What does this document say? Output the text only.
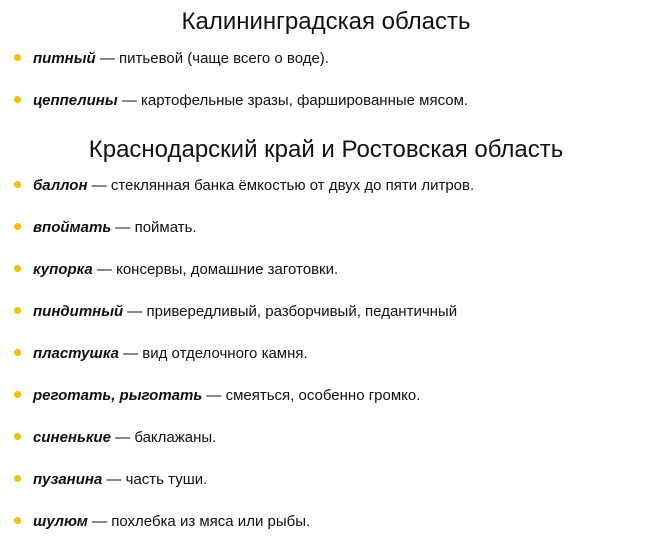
Калининградская область
питный — питьевой (чаще всего о воде).
цеппелины — картофельные зразы, фаршированные мясом.
Краснодарский край и Ростовская область
баллон — стеклянная банка ёмкостью от двух до пяти литров.
впоймать — поймать.
купорка — консервы, домашние заготовки.
пиндитный — привередливый, разборчивый, педантичный
пластушка — вид отделочного камня.
реготать, рыготать — смеяться, особенно громко.
синенькие — баклажаны.
пузанина — часть туши.
шулюм — похлебка из мяса или рыбы.
